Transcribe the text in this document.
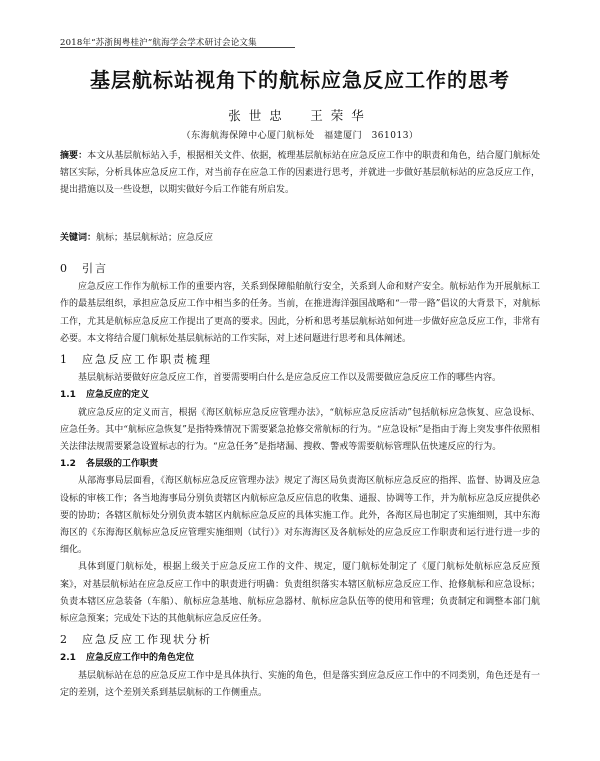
2018年“苏浙闽粤桂沪”航海学会学术研讨会论文集
基层航标站视角下的航标应急反应工作的思考
张世忠　王荣华
（东海航海保障中心厦门航标处　福建厦门　361013）
摘要：本文从基层航标站入手，根据相关文件、依据，梳理基层航标站在应急反应工作中的职责和角色，结合厦门航标处辖区实际，分析具体应急反应工作，对当前存在应急工作的因素进行思考，并就进一步做好基层航标站的应急反应工作，提出措施以及一些设想，以期实做好今后工作能有所启发。
关键词：航标；基层航标站；应急反应
0 引言

应急反应工作作为航标工作的重要内容，关系到保障船舶航行安全，关系到人命和财产安全。航标站作为开展航标工作的最基层组织，承担应急反应工作中相当多的任务。当前，在推进海洋强国战略和“一带一路”倡议的大背景下，对航标工作，尤其是航标应急反应工作提出了更高的要求。因此，分析和思考基层航标站如何进一步做好应急反应工作，非常有必要。本文将结合厦门航标处基层航标站的工作实际，对上述问题进行思考和具体阐述。

1 应急反应工作职责梳理

基层航标站要做好应急反应工作，首要需要明白什么是应急反应工作以及需要做应急反应工作的哪些内容。

1.1 应急反应的定义

就应急反应的定义而言，根据《海区航标应急反应管理办法》，“航标应急反应活动”包括航标应急恢复、应急设标、应急任务。其中“航标应急恢复”是指特殊情况下需要紧急抢修交常航标的行为。“应急设标”是指由于海上突发事件依照相关法律法规需要紧急设置标志的行为。“应急任务”是指堵漏、搜救、警戒等需要航标管理队伍快速反应的行为。

1.2 各层级的工作职责

从部海事局层面看，《海区航标应急反应管理办法》规定了海区局负责海区航标应急反应的指挥、监督、协调及应急设标的审核工作；各当地海事局分别负责辖区内航标应急反应信息的收集、通报、协调等工作，并为航标应急反应提供必要的协助；各辖区航标处分别负责本辖区内航标应急反应的具体实施工作。此外，各海区局也制定了实施细则，其中东海海区的《东海海区航标应急反应管理实施细则（试行）》对东海海区及各航标处的应急反应工作职责和运行进行进一步的细化。

具体到厦门航标处，根据上级关于应急反应工作的文件、规定，厦门航标处制定了《厦门航标处航标应急反应预案》，对基层航标站在应急反应工作中的职责进行明确：负责组织落实本辖区航标应急反应工作、抢修航标和应急设标；负责本辖区应急装备（车船）、航标应急基地、航标应急器材、航标应急队伍等的使用和管理；负责制定和调整本部门航标应急预案；完成处下达的其他航标应急反应任务。

2 应急反应工作现状分析
2.1 应急反应工作中的角色定位

基层航标站在总的应急反应工作中是具体执行、实施的角色，但是落实到应急反应工作中的不同类别，角色还是有一定的差别，这个差别关系到基层航标的工作侧重点。
